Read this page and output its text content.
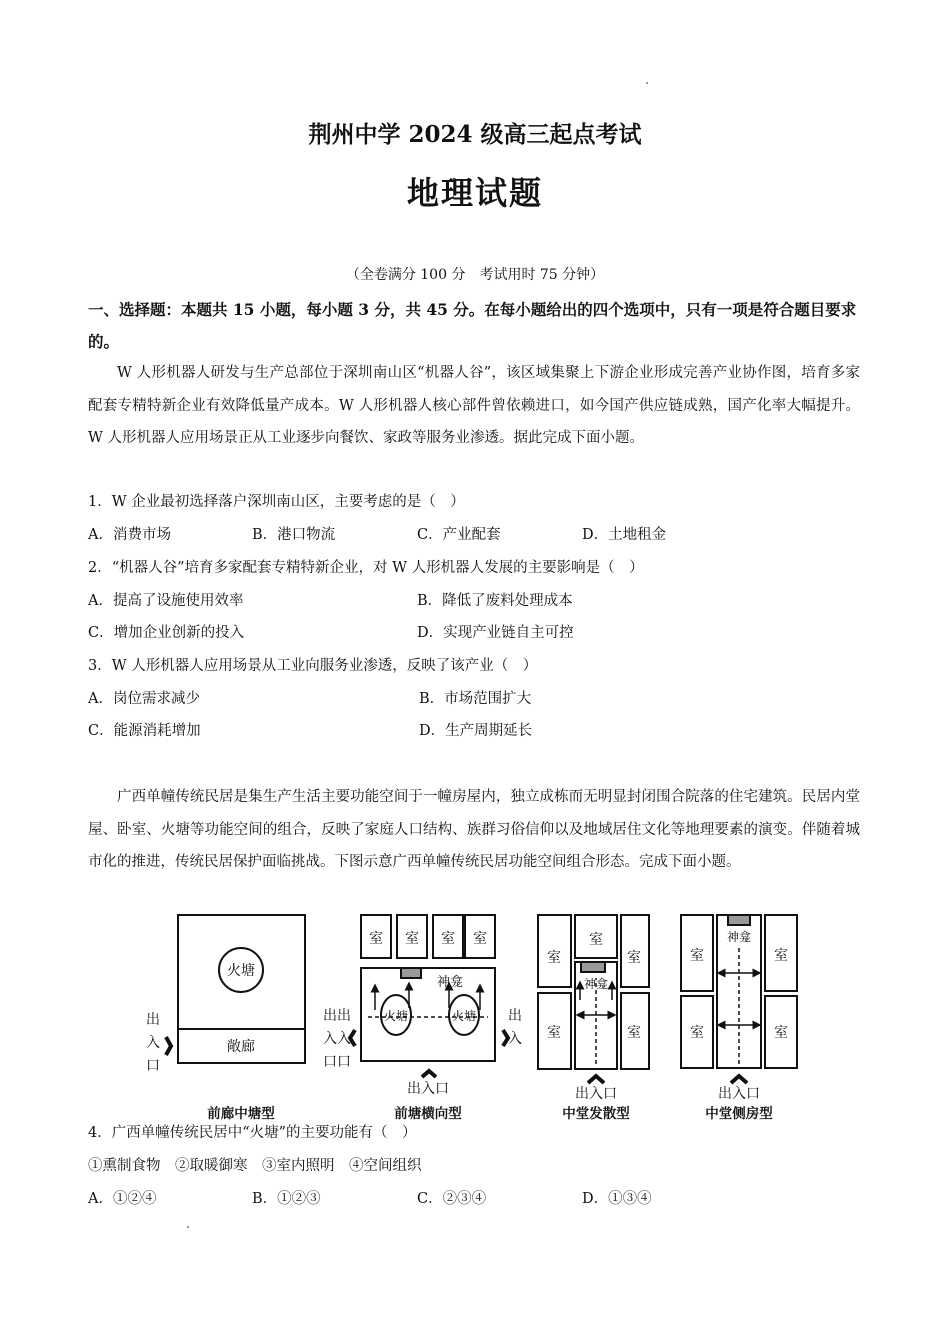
荆州中学 2024 级高三起点考试
地理试题
（全卷满分 100 分　考试用时 75 分钟）
一、选择题：本题共 15 小题，每小题 3 分，共 45 分。在每小题给出的四个选项中，只有一项是符合题目要求的。
W 人形机器人研发与生产总部位于深圳南山区“机器人谷”，该区域集聚上下游企业形成完善产业协作图，培育多家配套专精特新企业有效降低量产成本。W 人形机器人核心部件曾依赖进口，如今国产供应链成熟，国产化率大幅提升。W 人形机器人应用场景正从工业逐步向餐饮、家政等服务业渗透。据此完成下面小题。
1．W 企业最初选择落户深圳南山区，主要考虑的是（　）
A．消费市场	B．港口物流	C．产业配套	D．土地租金
2．“机器人谷”培育多家配套专精特新企业，对 W 人形机器人发展的主要影响是（　）
A．提高了设施使用效率	B．降低了废料处理成本
C．增加企业创新的投入	D．实现产业链自主可控
3．W 人形机器人应用场景从工业向服务业渗透，反映了该产业（　）
A．岗位需求减少	B．市场范围扩大
C．能源消耗增加	D．生产周期延长
广西单幢传统民居是集生产生活主要功能空间于一幢房屋内，独立成栋而无明显封闭围合院落的住宅建筑。民居内堂屋、卧室、火塘等功能空间的组合，反映了家庭人口结构、族群习俗信仰以及地域居住文化等地理要素的演变。伴随着城市化的推进，传统民居保护面临挑战。下图示意广西单幢传统民居功能空间组合形态。完成下面小题。
火塘
敞廊
出
入
口
室 室 室 室
神龛
火塘	火塘
出出
入入
口口
出
入
出入口
室
室
室
室
室
神龛
出入口
室
室
室
室
神龛
出入口
前廊中塘型	前塘横向型	中堂发散型	中堂侧房型
4．广西单幢传统民居中“火塘”的主要功能有（　）
①熏制食物　②取暖御寒　③室内照明　④空间组织
A．①②④	B．①②③	C．②③④	D．①③④
